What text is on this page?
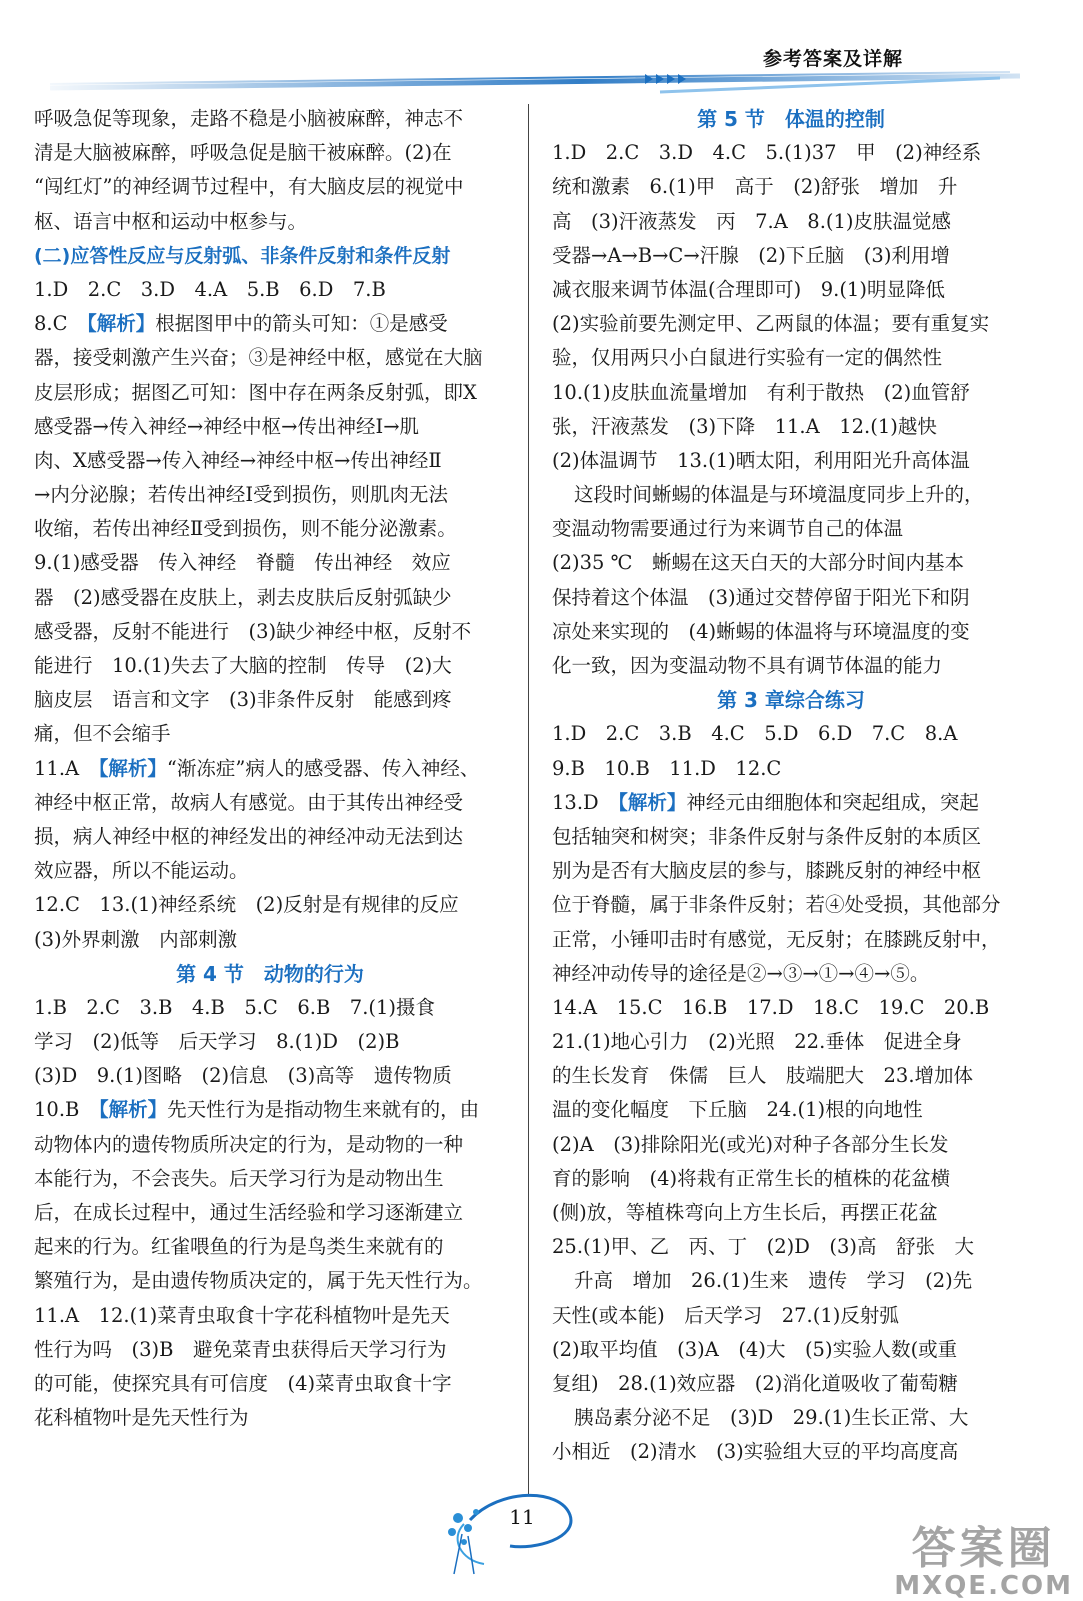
参考答案及详解
呼吸急促等现象，走路不稳是小脑被麻醉，神志不
清是大脑被麻醉，呼吸急促是脑干被麻醉。(2)在
“闯红灯”的神经调节过程中，有大脑皮层的视觉中
枢、语言中枢和运动中枢参与。
(二)应答性反应与反射弧、非条件反射和条件反射
1.D　2.C　3.D　4.A　5.B　6.D　7.B
8.C　【解析】根据图甲中的箭头可知：①是感受
器，接受刺激产生兴奋；③是神经中枢，感觉在大脑
皮层形成；据图乙可知：图中存在两条反射弧，即X
感受器→传入神经→神经中枢→传出神经Ⅰ→肌
肉、X感受器→传入神经→神经中枢→传出神经Ⅱ
→内分泌腺；若传出神经Ⅰ受到损伤，则肌肉无法
收缩，若传出神经Ⅱ受到损伤，则不能分泌激素。
9.(1)感受器　传入神经　脊髓　传出神经　效应
器　(2)感受器在皮肤上，剥去皮肤后反射弧缺少
感受器，反射不能进行　(3)缺少神经中枢，反射不
能进行　10.(1)失去了大脑的控制　传导　(2)大
脑皮层　语言和文字　(3)非条件反射　能感到疼
痛，但不会缩手
11.A　【解析】“渐冻症”病人的感受器、传入神经、
神经中枢正常，故病人有感觉。由于其传出神经受
损，病人神经中枢的神经发出的神经冲动无法到达
效应器，所以不能运动。
12.C　13.(1)神经系统　(2)反射是有规律的反应
(3)外界刺激　内部刺激
第 4 节　动物的行为
1.B　2.C　3.B　4.B　5.C　6.B　7.(1)摄食
学习　(2)低等　后天学习　8.(1)D　(2)B
(3)D　9.(1)图略　(2)信息　(3)高等　遗传物质
10.B　【解析】先天性行为是指动物生来就有的，由
动物体内的遗传物质所决定的行为，是动物的一种
本能行为，不会丧失。后天学习行为是动物出生
后，在成长过程中，通过生活经验和学习逐渐建立
起来的行为。红雀喂鱼的行为是鸟类生来就有的
繁殖行为，是由遗传物质决定的，属于先天性行为。
11.A　12.(1)菜青虫取食十字花科植物叶是先天
性行为吗　(3)B　避免菜青虫获得后天学习行为
的可能，使探究具有可信度　(4)菜青虫取食十字
花科植物叶是先天性行为
第 5 节　体温的控制
1.D　2.C　3.D　4.C　5.(1)37　甲　(2)神经系
统和激素　6.(1)甲　高于　(2)舒张　增加　升
高　(3)汗液蒸发　丙　7.A　8.(1)皮肤温觉感
受器→A→B→C→汗腺　(2)下丘脑　(3)利用增
减衣服来调节体温(合理即可)　9.(1)明显降低
(2)实验前要先测定甲、乙两鼠的体温；要有重复实
验，仅用两只小白鼠进行实验有一定的偶然性
10.(1)皮肤血流量增加　有利于散热　(2)血管舒
张，汗液蒸发　(3)下降　11.A　12.(1)越快
(2)体温调节　13.(1)晒太阳，利用阳光升高体温
这段时间蜥蜴的体温是与环境温度同步上升的，
变温动物需要通过行为来调节自己的体温
(2)35 ℃　蜥蜴在这天白天的大部分时间内基本
保持着这个体温　(3)通过交替停留于阳光下和阴
凉处来实现的　(4)蜥蜴的体温将与环境温度的变
化一致，因为变温动物不具有调节体温的能力
第 3 章综合练习
1.D　2.C　3.B　4.C　5.D　6.D　7.C　8.A
9.B　10.B　11.D　12.C
13.D　【解析】神经元由细胞体和突起组成，突起
包括轴突和树突；非条件反射与条件反射的本质区
别为是否有大脑皮层的参与，膝跳反射的神经中枢
位于脊髓，属于非条件反射；若④处受损，其他部分
正常，小锤叩击时有感觉，无反射；在膝跳反射中，
神经冲动传导的途径是②→③→①→④→⑤。
14.A　15.C　16.B　17.D　18.C　19.C　20.B
21.(1)地心引力　(2)光照　22.垂体　促进全身
的生长发育　侏儒　巨人　肢端肥大　23.增加体
温的变化幅度　下丘脑　24.(1)根的向地性
(2)A　(3)排除阳光(或光)对种子各部分生长发
育的影响　(4)将栽有正常生长的植株的花盆横
(侧)放，等植株弯向上方生长后，再摆正花盆
25.(1)甲、乙　丙、丁　(2)D　(3)高　舒张　大
升高　增加　26.(1)生来　遗传　学习　(2)先
天性(或本能)　后天学习　27.(1)反射弧
(2)取平均值　(3)A　(4)大　(5)实验人数(或重
复组)　28.(1)效应器　(2)消化道吸收了葡萄糖
胰岛素分泌不足　(3)D　29.(1)生长正常、大
小相近　(2)清水　(3)实验组大豆的平均高度高
11
答案圈
MXQE.COM
